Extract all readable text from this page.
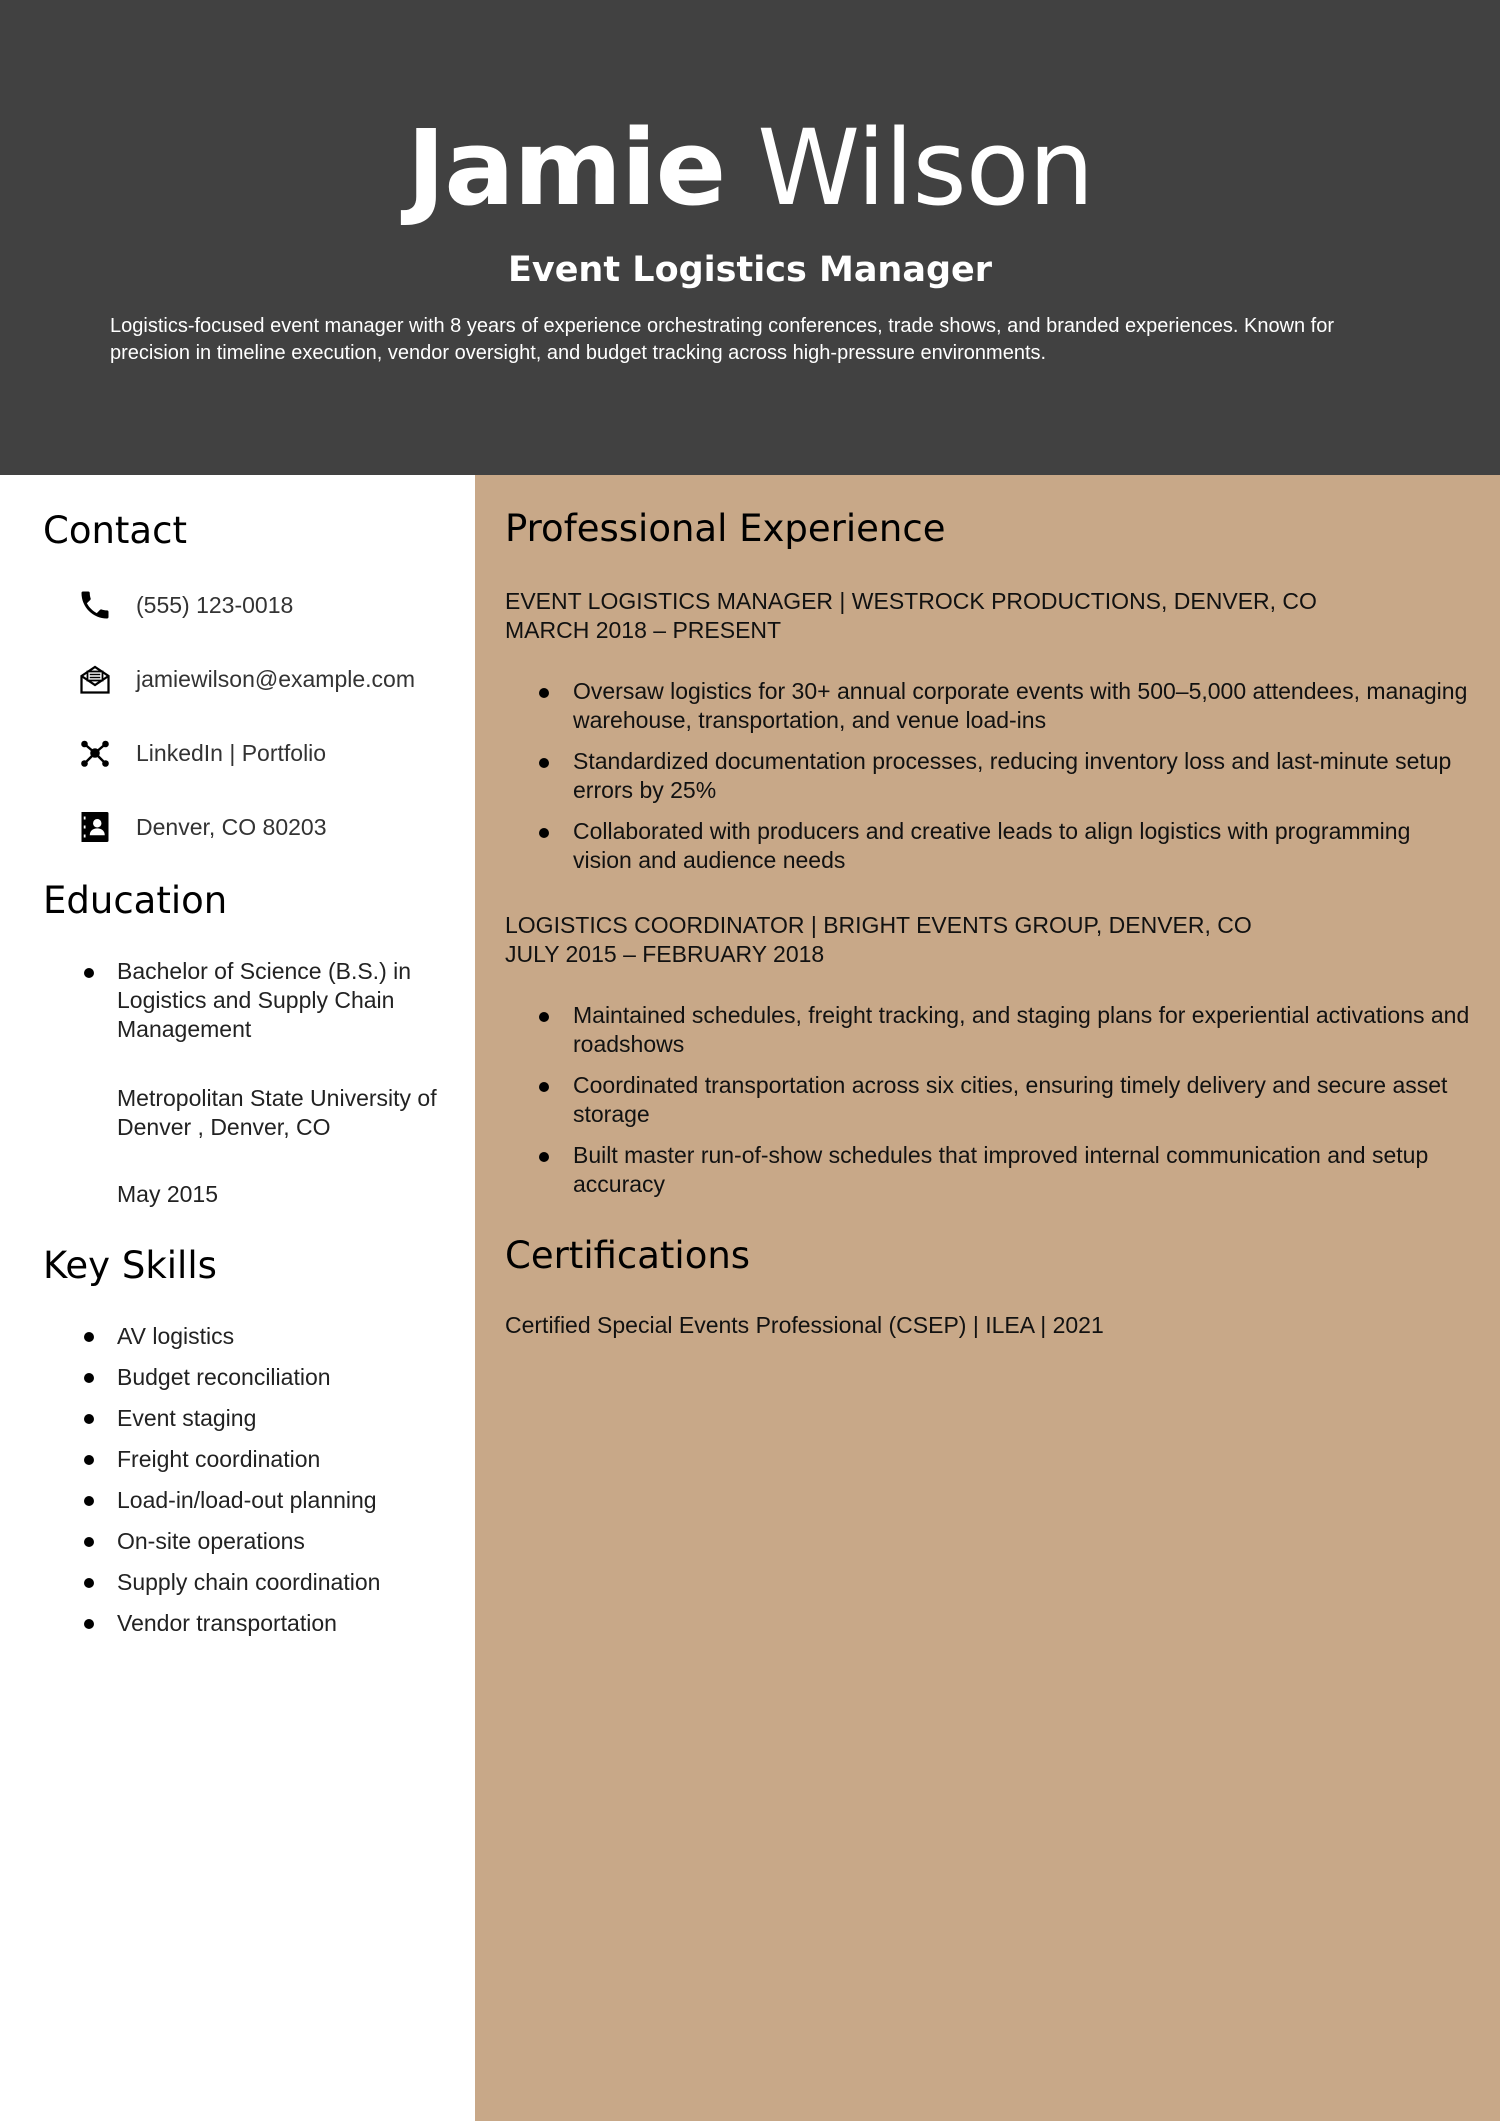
Jamie Wilson
Event Logistics Manager
Logistics-focused event manager with 8 years of experience orchestrating conferences, trade shows, and branded experiences. Known for precision in timeline execution, vendor oversight, and budget tracking across high-pressure environments.
Contact
(555) 123-0018
jamiewilson@example.com
LinkedIn | Portfolio
Denver, CO 80203
Education
Bachelor of Science (B.S.) in Logistics and Supply Chain Management
Metropolitan State University of Denver , Denver, CO
May 2015
Key Skills
AV logistics
Budget reconciliation
Event staging
Freight coordination
Load-in/load-out planning
On-site operations
Supply chain coordination
Vendor transportation
Professional Experience
EVENT LOGISTICS MANAGER | WESTROCK PRODUCTIONS, DENVER, CO
MARCH 2018 – PRESENT
Oversaw logistics for 30+ annual corporate events with 500–5,000 attendees, managing warehouse, transportation, and venue load-ins
Standardized documentation processes, reducing inventory loss and last-minute setup errors by 25%
Collaborated with producers and creative leads to align logistics with programming vision and audience needs
LOGISTICS COORDINATOR | BRIGHT EVENTS GROUP, DENVER, CO
JULY 2015 – FEBRUARY 2018
Maintained schedules, freight tracking, and staging plans for experiential activations and roadshows
Coordinated transportation across six cities, ensuring timely delivery and secure asset storage
Built master run-of-show schedules that improved internal communication and setup accuracy
Certifications
Certified Special Events Professional (CSEP) | ILEA | 2021
